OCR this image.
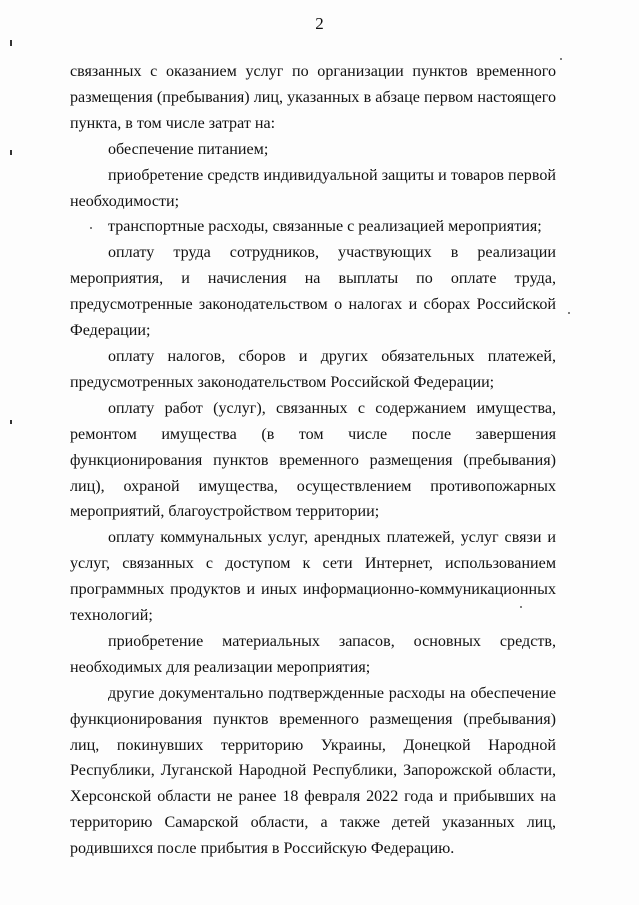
2

связанных с оказанием услуг по организации пунктов временного размещения (пребывания) лиц, указанных в абзаце первом настоящего пункта, в том числе затрат на:

обеспечение питанием;

приобретение средств индивидуальной защиты и товаров первой необходимости;

транспортные расходы, связанные с реализацией мероприятия;

оплату труда сотрудников, участвующих в реализации мероприятия, и начисления на выплаты по оплате труда, предусмотренные законодательством о налогах и сборах Российской Федерации;

оплату налогов, сборов и других обязательных платежей, предусмотренных законодательством Российской Федерации;

оплату работ (услуг), связанных с содержанием имущества, ремонтом имущества (в том числе после завершения функционирования пунктов временного размещения (пребывания) лиц), охраной имущества, осуществлением противопожарных мероприятий, благоустройством территории;

оплату коммунальных услуг, арендных платежей, услуг связи и услуг, связанных с доступом к сети Интернет, использованием программных продуктов и иных информационно-коммуникационных технологий;

приобретение материальных запасов, основных средств, необходимых для реализации мероприятия;

другие документально подтвержденные расходы на обеспечение функционирования пунктов временного размещения (пребывания) лиц, покинувших территорию Украины, Донецкой Народной Республики, Луганской Народной Республики, Запорожской области, Херсонской области не ранее 18 февраля 2022 года и прибывших на территорию Самарской области, а также детей указанных лиц, родившихся после прибытия в Российскую Федерацию.
